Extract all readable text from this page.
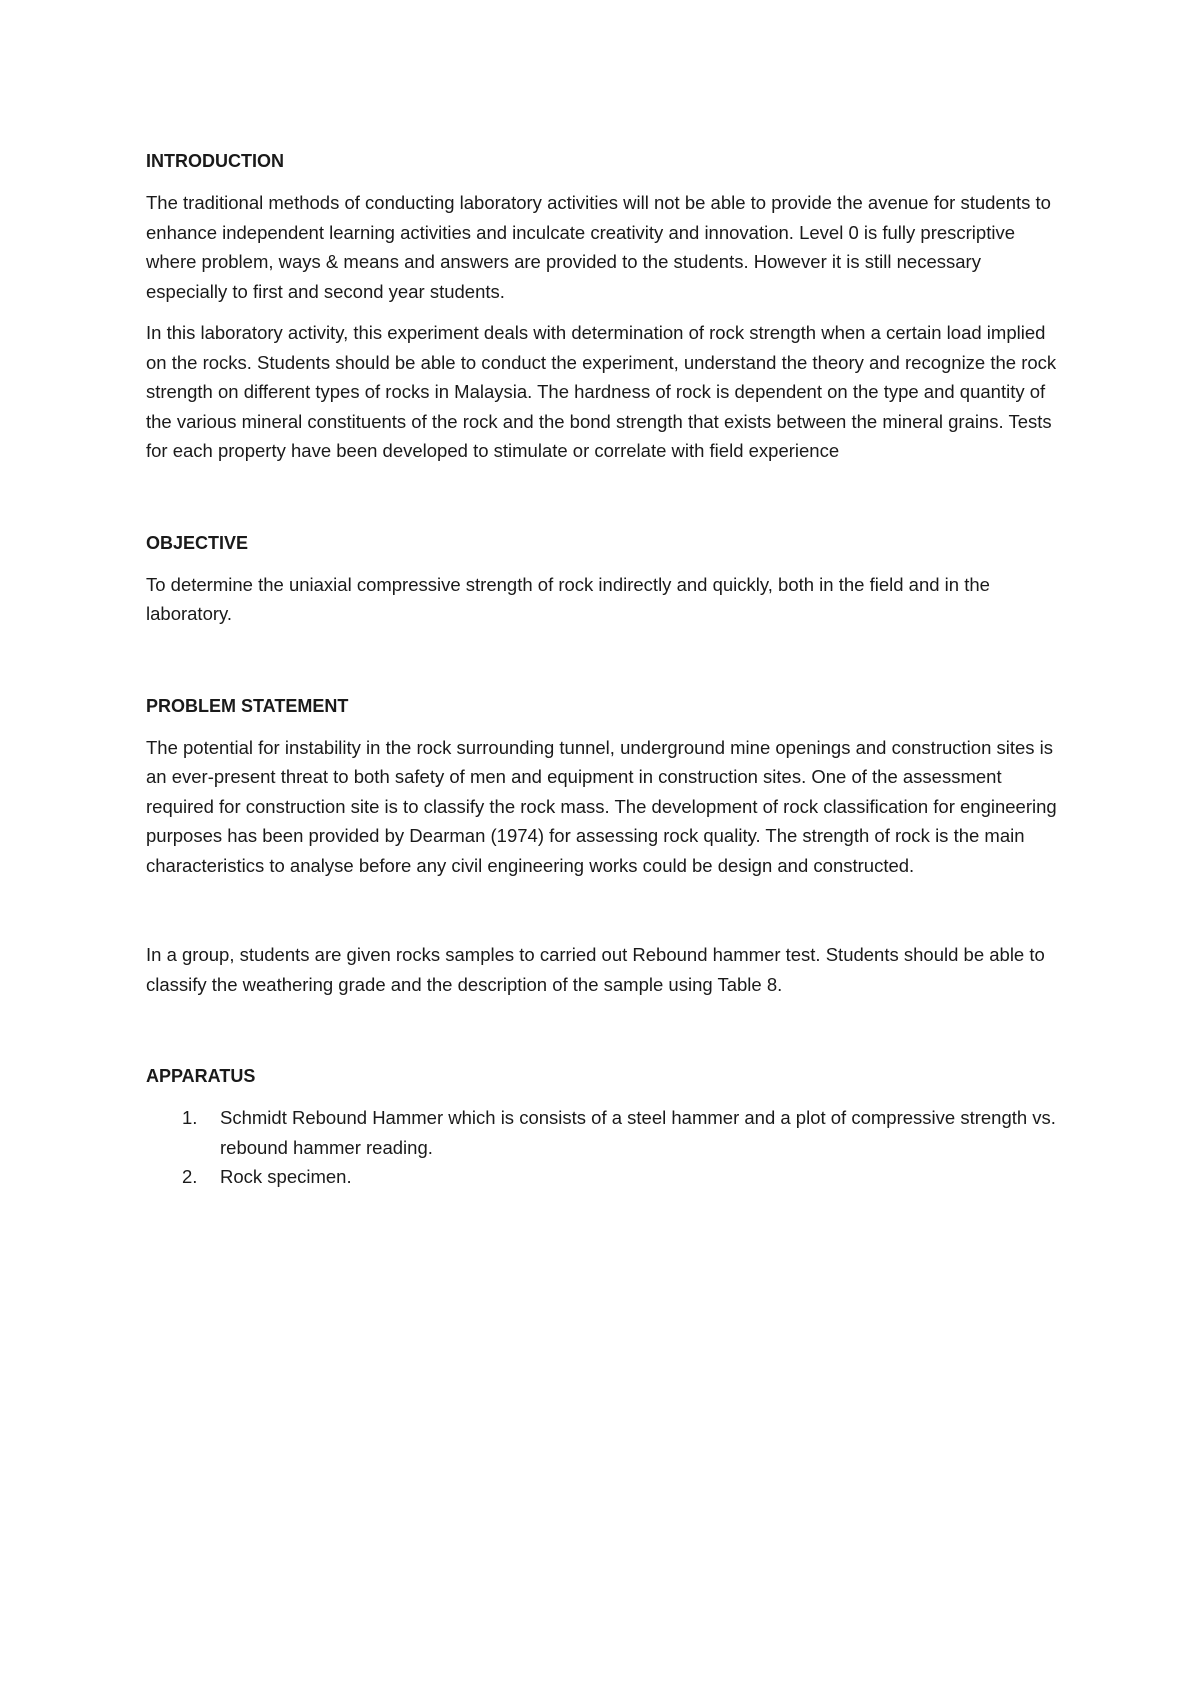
INTRODUCTION

The traditional methods of conducting laboratory activities will not be able to provide the avenue for students to enhance independent learning activities and inculcate creativity and innovation. Level 0 is fully prescriptive where problem, ways & means and answers are provided to the students. However it is still necessary especially to first and second year students.

In this laboratory activity, this experiment deals with determination of rock strength when a certain load implied on the rocks. Students should be able to conduct the experiment, understand the theory and recognize the rock strength on different types of rocks in Malaysia. The hardness of rock is dependent on the type and quantity of the various mineral constituents of the rock and the bond strength that exists between the mineral grains. Tests for each property have been developed to stimulate or correlate with field experience

OBJECTIVE

To determine the uniaxial compressive strength of rock indirectly and quickly, both in the field and in the laboratory.

PROBLEM STATEMENT

The potential for instability in the rock surrounding tunnel, underground mine openings and construction sites is an ever-present threat to both safety of men and equipment in construction sites. One of the assessment required for construction site is to classify the rock mass. The development of rock classification for engineering purposes has been provided by Dearman (1974) for assessing rock quality. The strength of rock is the main characteristics to analyse before any civil engineering works could be design and constructed.

In a group, students are given rocks samples to carried out Rebound hammer test. Students should be able to classify the weathering grade and the description of the sample using Table 8.

APPARATUS
1. Schmidt Rebound Hammer which is consists of a steel hammer and a plot of compressive strength vs. rebound hammer reading.
2. Rock specimen.
